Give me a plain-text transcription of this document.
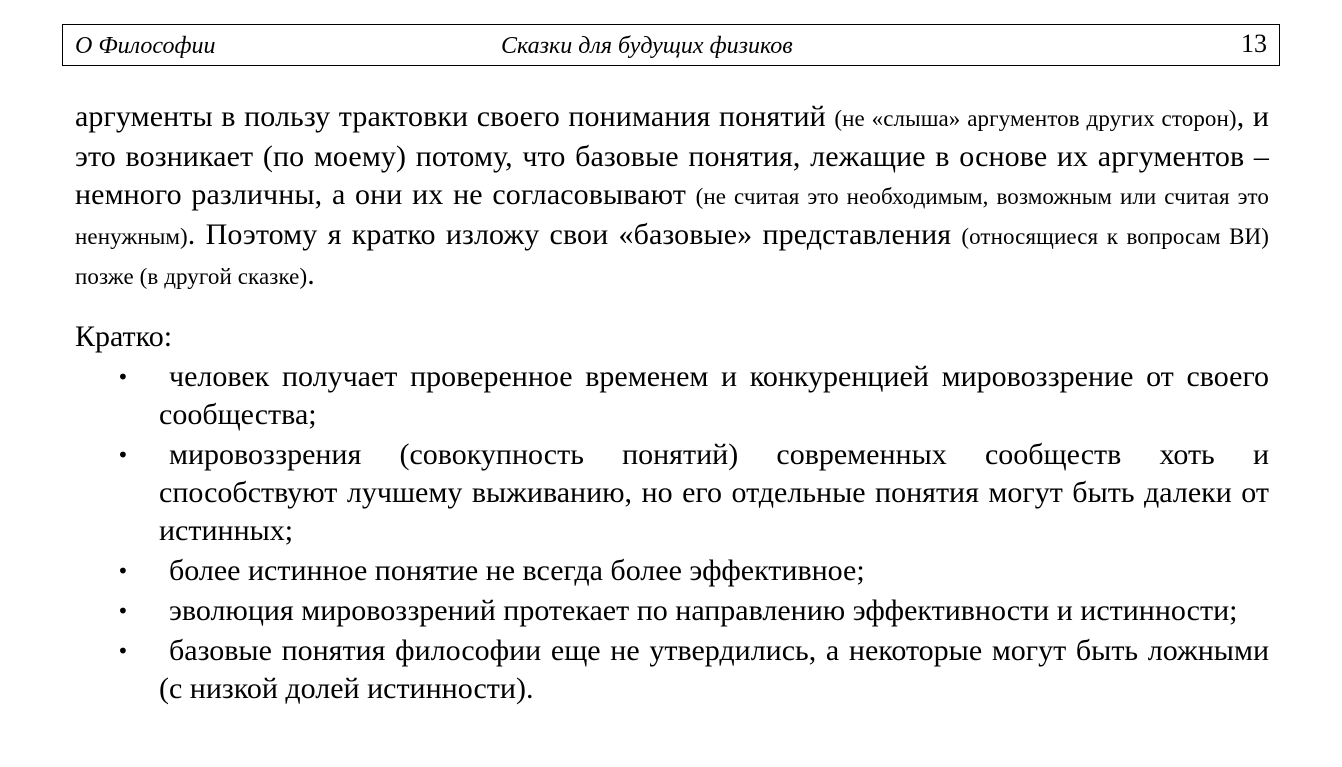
О Философии	Сказки для будущих физиков	13
аргументы в пользу трактовки своего понимания понятий (не «слыша» аргументов других сторон), и это возникает (по моему) потому, что базовые понятия, лежащие в основе их аргументов – немного различны, а они их не согласовывают (не считая это необходимым, возможным или считая это ненужным). Поэтому я кратко изложу свои «базовые» представления (относящиеся к вопросам ВИ) позже (в другой сказке).
Кратко:
•	человек получает проверенное временем и конкуренцией мировоззрение от своего сообщества;
•	мировоззрения (совокупность понятий) современных сообществ хоть и способствуют лучшему выживанию, но его отдельные понятия могут быть далеки от истинных;
•	более истинное понятие не всегда более эффективное;
•	эволюция мировоззрений протекает по направлению эффективности и истинности;
•	базовые понятия философии еще не утвердились, а некоторые могут быть ложными (с низкой долей истинности).
